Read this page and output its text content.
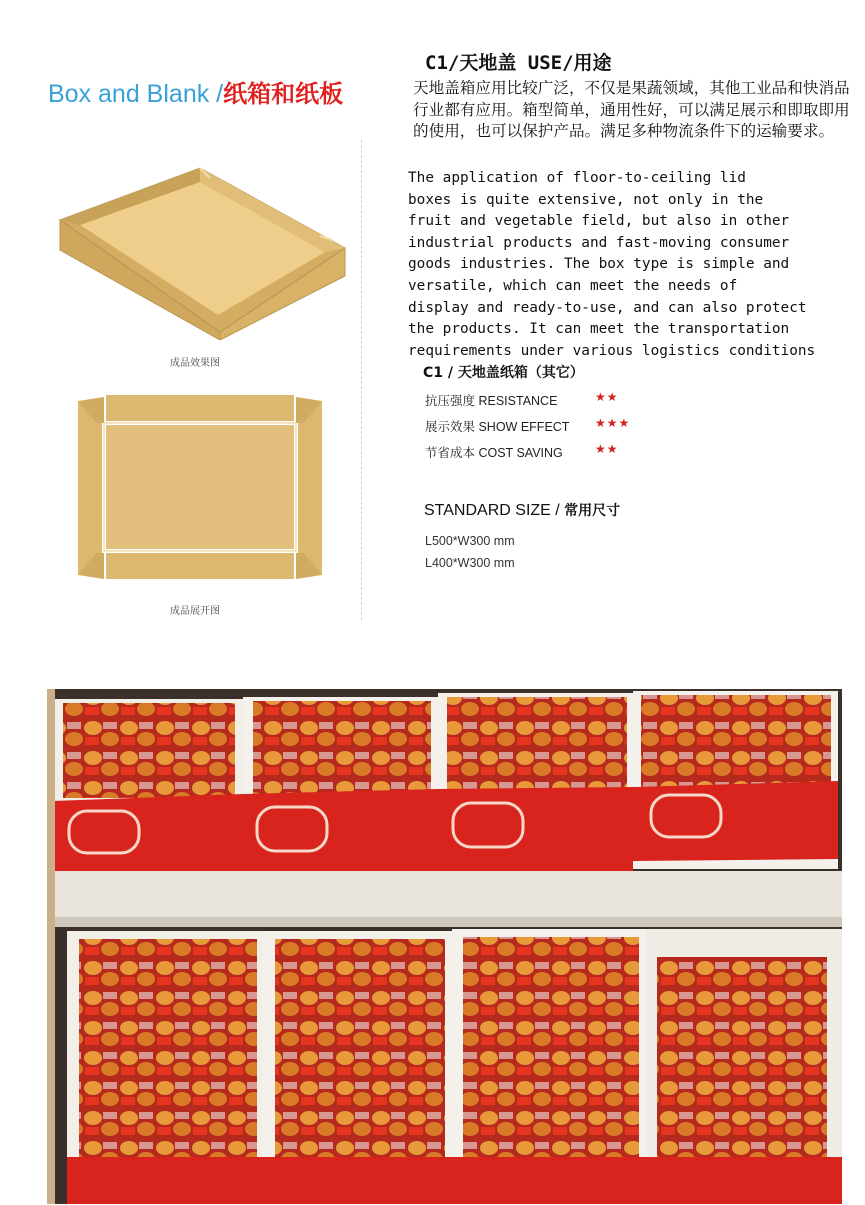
Box and Blank /纸箱和纸板
成品效果图
成品展开图
C1/天地盖 USE/用途
天地盖箱应用比较广泛，不仅是果蔬领域，其他工业品和快消品行业都有应用。箱型简单，通用性好，可以满足展示和即取即用的使用，也可以保护产品。满足多种物流条件下的运输要求。
The application of floor-to-ceiling lid
boxes is quite extensive, not only in the
fruit and vegetable field, but also in other
industrial products and fast-moving consumer
goods industries. The box type is simple and
versatile, which can meet the needs of
display and ready-to-use, and can also protect
the products. It can meet the transportation
requirements under various logistics conditions
C1 / 天地盖纸箱（其它）
抗压强度 RESISTANCE	★★
展示效果 SHOW EFFECT ★★★
节省成本 COST SAVING	★★
STANDARD SIZE / 常用尺寸
L500*W300 mm
L400*W300 mm
